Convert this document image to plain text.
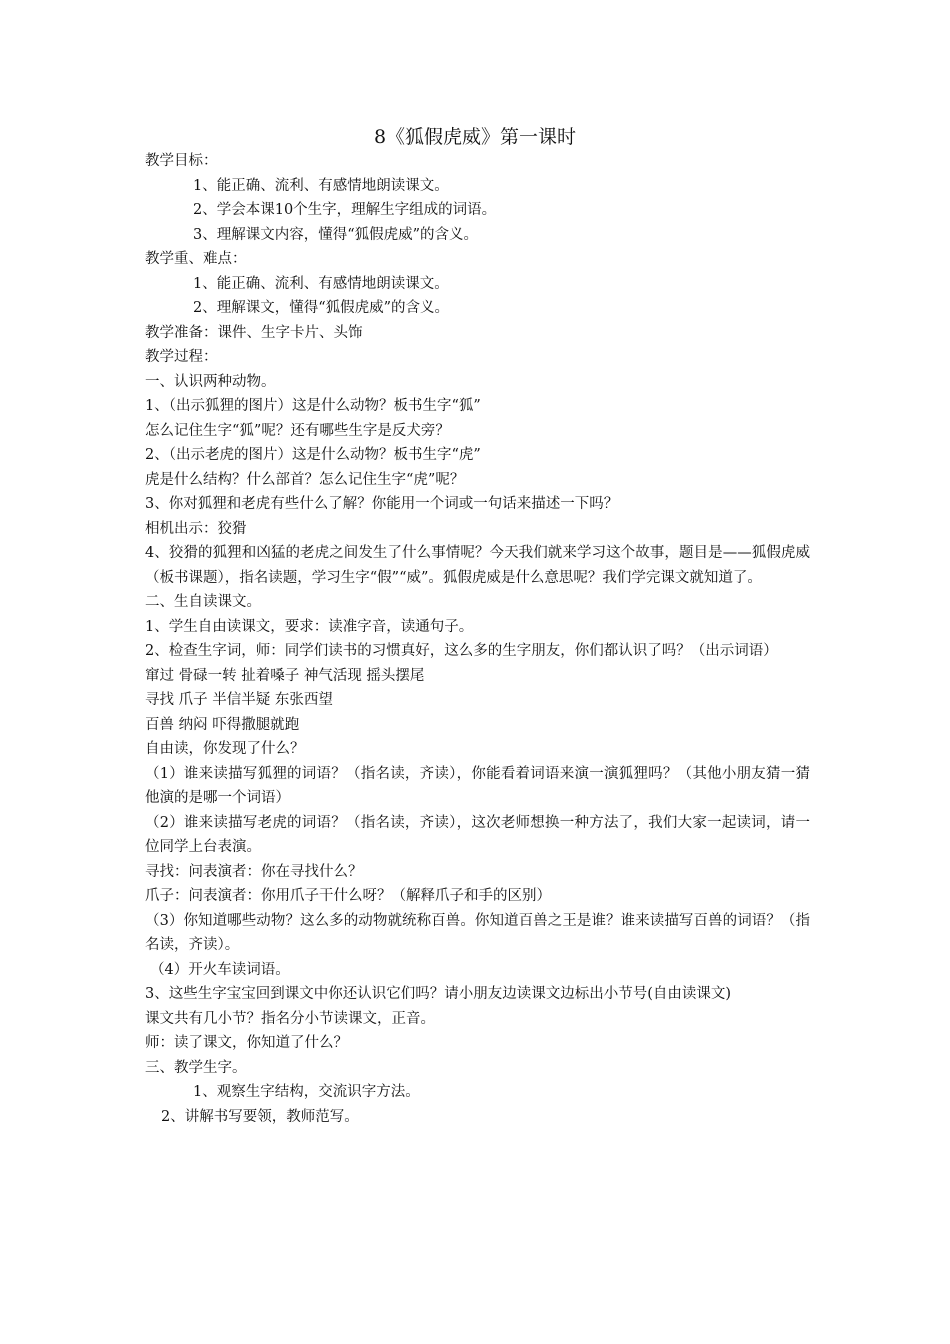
8《狐假虎威》第一课时

教学目标：

1、能正确、流利、有感情地朗读课文。

2、学会本课10个生字，理解生字组成的词语。

3、理解课文内容，懂得“狐假虎威”的含义。

教学重、难点：

1、能正确、流利、有感情地朗读课文。

2、理解课文，懂得“狐假虎威”的含义。

教学准备：课件、生字卡片、头饰

教学过程：

一、认识两种动物。

1、（出示狐狸的图片）这是什么动物？板书生字“狐”

怎么记住生字“狐”呢？还有哪些生字是反犬旁？

2、（出示老虎的图片）这是什么动物？板书生字“虎”

虎是什么结构？什么部首？怎么记住生字“虎”呢？

3、你对狐狸和老虎有些什么了解？你能用一个词或一句话来描述一下吗？

相机出示：狡猾

4、狡猾的狐狸和凶猛的老虎之间发生了什么事情呢？今天我们就来学习这个故事，题目是——狐假虎威（板书课题），指名读题，学习生字“假”“威”。狐假虎威是什么意思呢？我们学完课文就知道了。

二、生自读课文。

1、学生自由读课文，要求：读准字音，读通句子。

2、检查生字词，师：同学们读书的习惯真好，这么多的生字朋友，你们都认识了吗？（出示词语）

窜过 骨碌一转 扯着嗓子 神气活现 摇头摆尾

寻找 爪子 半信半疑 东张西望

百兽 纳闷 吓得撒腿就跑

自由读，你发现了什么？

（1）谁来读描写狐狸的词语？（指名读，齐读），你能看着词语来演一演狐狸吗？（其他小朋友猜一猜他演的是哪一个词语）

（2）谁来读描写老虎的词语？（指名读，齐读），这次老师想换一种方法了，我们大家一起读词，请一位同学上台表演。

寻找：问表演者：你在寻找什么？

爪子：问表演者：你用爪子干什么呀？（解释爪子和手的区别）

（3）你知道哪些动物？这么多的动物就统称百兽。你知道百兽之王是谁？谁来读描写百兽的词语？（指名读，齐读）。

（4）开火车读词语。

3、这些生字宝宝回到课文中你还认识它们吗？请小朋友边读课文边标出小节号(自由读课文)

课文共有几小节？指名分小节读课文，正音。

师：读了课文，你知道了什么？

三、教学生字。

1、观察生字结构，交流识字方法。

2、讲解书写要领，教师范写。
